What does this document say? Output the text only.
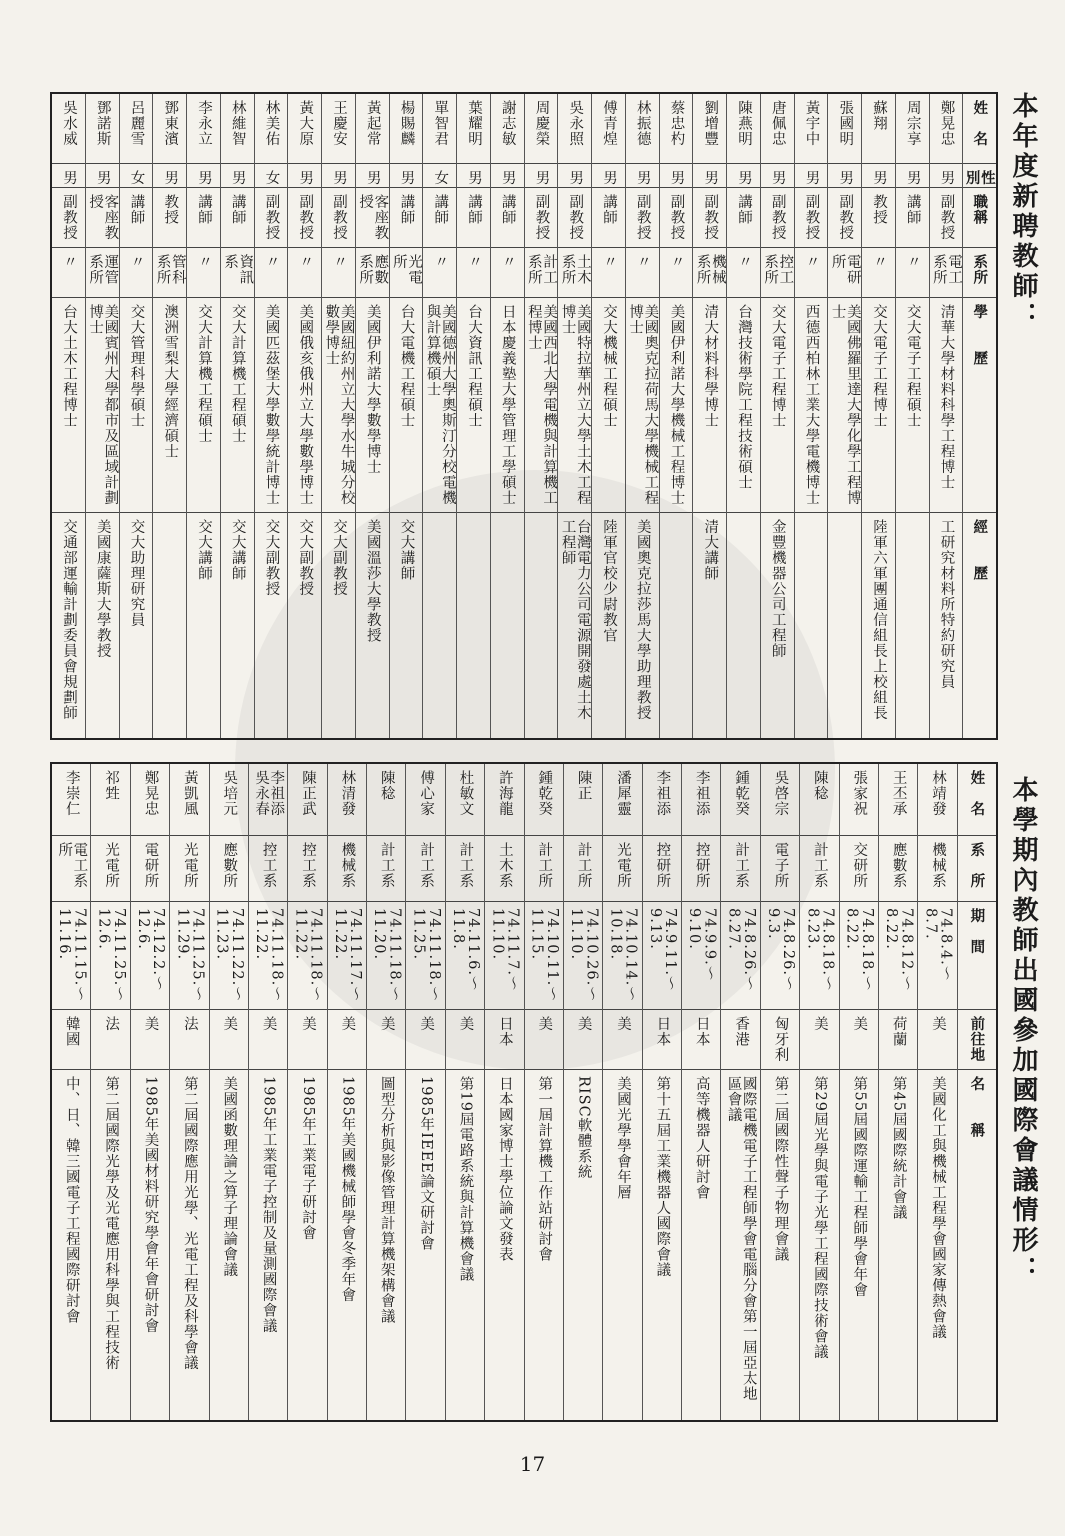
本年度新聘教師：
姓　名
性別
職稱
系所
學　　歷
經　　歷
鄭晃忠
男
副教授
電工系所
清華大學材料科學工程博士
工研究材料所特約研究員
周宗享
男
講師
〃
交大電子工程碩士
蘇翔
男
教授
〃
交大電子工程博士
陸軍六軍團通信組長上校組長
張國明
男
副教授
電研所
美國佛羅里達大學化學工程博士
黃宇中
男
副教授
〃
西德西柏林工業大學電機博士
唐佩忠
男
副教授
控工系所
交大電子工程博士
金豐機器公司工程師
陳燕明
男
講師
〃
台灣技術學院工程技術碩士
劉增豐
男
副教授
機械系所
清大材料科學博士
清大講師
蔡忠杓
男
副教授
〃
美國伊利諾大學機械工程博士
林振德
男
副教授
〃
美國奧克拉荷馬大學機械工程博士
美國奧克拉莎馬大學助理教授
傅青煌
男
講師
〃
交大機械工程碩士
陸軍官校少尉教官
吳永照
男
副教授
土木系所
美國特拉華州立大學土木工程博士
台灣電力公司電源開發處土木工程師
周慶榮
男
副教授
計工系所
美國西北大學電機與計算機工程博士
謝志敏
男
講師
〃
日本慶義塾大學管理工學碩士
葉耀明
男
講師
〃
台大資訊工程碩士
單智君
女
講師
〃
美國德州大學奧斯汀分校電機與計算機碩士
楊賜麟
男
講師
光電所
台大電機工程碩士
交大講師
黃起常
男
客座教授
應數系所
美國伊利諾大學數學博士
美國溫莎大學教授
王慶安
男
副教授
〃
美國紐約州立大學水牛城分校數學博士
交大副教授
黃大原
男
副教授
〃
美國俄亥俄州立大學數學博士
交大副教授
林美佑
女
副教授
〃
美國匹茲堡大學數學統計博士
交大副教授
林維智
男
講師
資訊系
交大計算機工程碩士
交大講師
李永立
男
講師
〃
交大計算機工程碩士
交大講師
鄧東濱
男
教授
管科系所
澳洲雪梨大學經濟碩士
呂麗雪
女
講師
〃
交大管理科學碩士
交大助理研究員
鄧諾斯
男
客座教授
運管系所
美國賓州大學都市及區域計劃博士
美國康薩斯大學教授
吳水威
男
副教授
〃
台大土木工程博士
交通部運輸計劃委員會規劃師
本學期內教師出國參加國際會議情形：
姓　名
系　所
期　間
前往地
名　　稱
林靖發
機械系
74.8.4.～8.7.
美
美國化工與機械工程學會國家傳熱會議
王丕承
應數系
74.8.12.～8.22.
荷蘭
第45屆國際統計會議
張家祝
交研所
74.8.18.～8.22.
美
第55屆國際運輸工程師學會年會
陳稔
計工系
74.8.18.～8.23.
美
第29屆光學與電子光學工程國際技術會議
吳啓宗
電子所
74.8.26.～9.3.
匈牙利
第二屆國際性聲子物理會議
鍾乾癸
計工系
74.8.26.～8.27.
香港
國際電機電子工程師學會電腦分會第一屆亞太地區會議
李祖添
控研所
74.9.9.～9.10.
日本
高等機器人研討會
李祖添
控研所
74.9.11.～9.13.
日本
第十五屆工業機器人國際會議
潘犀靈
光電所
74.10.14.～10.18.
美
美國光學學會年層
陳正
計工所
74.10.26.～11.10.
美
RISC軟體系統
鍾乾癸
計工所
74.10.11.～11.15.
美
第一屆計算機工作站研討會
許海龍
土木系
74.11.7.～11.10.
日本
日本國家博士學位論文發表
杜敏文
計工系
74.11.6.～11.8.
美
第19屆電路系統與計算機會議
傅心家
計工系
74.11.18.～11.25.
美
1985年IEEE論文研討會
陳稔
計工系
74.11.18.～11.20.
美
圖型分析與影像管理計算機架構會議
林清發
機械系
74.11.17.～11.22.
美
1985年美國機械師學會冬季年會
陳正武
控工系
74.11.18.～11.22.
美
1985年工業電子研討會
李祖添 吳永春
控工系
74.11.18.～11.22.
美
1985年工業電子控制及量測國際會議
吳培元
應數所
74.11.22.～11.23.
美
美國函數理論之算子理論會議
黃凱風
光電所
74.11.25.～11.29.
法
第二屆國際應用光學、光電工程及科學會議
鄭晃忠
電研所
74.12.2.～12.6.
美
1985年美國材料研究學會年會研討會
祁甡
光電所
74.11.25.～12.6.
法
第二屆國際光學及光電應用科學與工程技術
李崇仁
電工系所
74.11.15.～11.16.
韓國
中、日、韓三國電子工程國際研討會
17
